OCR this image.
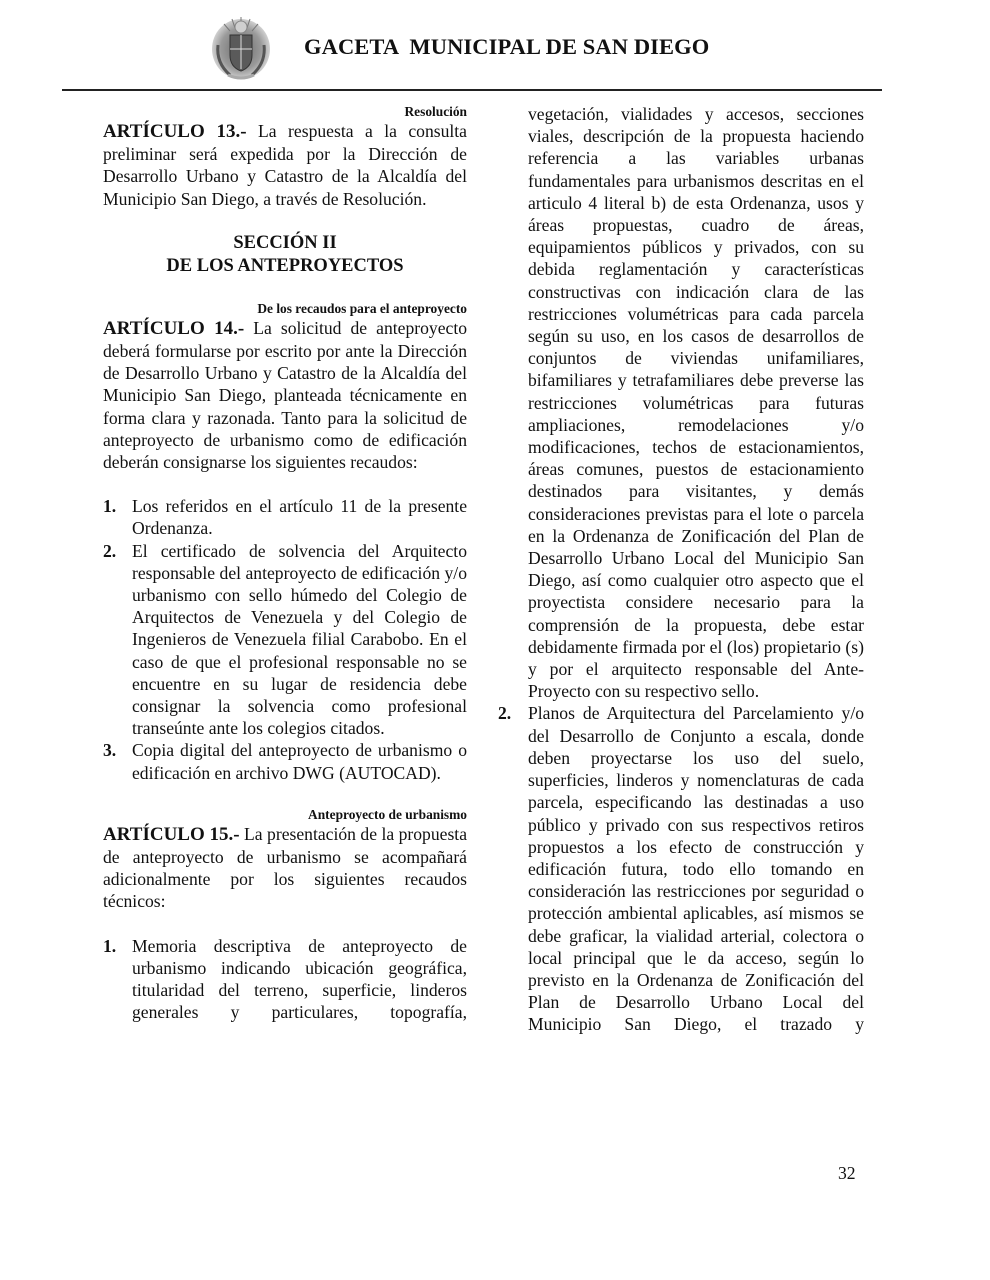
GACETA  MUNICIPAL DE SAN DIEGO
Resolución

ARTÍCULO 13.- La respuesta a la consulta preliminar será expedida por la Dirección de Desarrollo Urbano y Catastro de la Alcaldía del Municipio San Diego, a través de Resolución.

SECCIÓN II
DE LOS ANTEPROYECTOS
De los recaudos para el anteproyecto

ARTÍCULO 14.- La solicitud de anteproyecto deberá formularse por escrito por ante la Dirección de Desarrollo Urbano y Catastro de la Alcaldía del Municipio San Diego, planteada técnicamente en forma clara y razonada. Tanto para la solicitud de anteproyecto de urbanismo como de edificación deberán consignarse los siguientes recaudos:

1. Los referidos en el artículo 11 de la presente Ordenanza.
2. El certificado de solvencia del Arquitecto responsable del anteproyecto de edificación y/o urbanismo con sello húmedo del Colegio de Arquitectos de Venezuela y del Colegio de Ingenieros de Venezuela filial Carabobo. En el caso de que el profesional responsable no se encuentre en su lugar de residencia debe consignar la solvencia como profesional transeúnte ante los colegios citados.
3. Copia digital del anteproyecto de urbanismo o edificación en archivo DWG (AUTOCAD).
Anteproyecto de urbanismo

ARTÍCULO 15.- La presentación de la propuesta de anteproyecto de urbanismo se acompañará adicionalmente por los siguientes recaudos técnicos:

1. Memoria descriptiva de anteproyecto de urbanismo indicando ubicación geográfica, titularidad del terreno, superficie, linderos generales y particulares, topografía,

vegetación, vialidades y accesos, secciones viales, descripción de la propuesta haciendo referencia a las variables urbanas fundamentales para urbanismos descritas en el articulo 4 literal b) de esta Ordenanza, usos y áreas propuestas, cuadro de áreas, equipamientos públicos y privados, con su debida reglamentación y características constructivas con indicación clara de las restricciones volumétricas para cada parcela según su uso, en los casos de desarrollos de conjuntos de viviendas unifamiliares, bifamiliares y tetrafamiliares debe preverse las restricciones volumétricas para futuras ampliaciones, remodelaciones y/o modificaciones, techos de estacionamientos, áreas comunes, puestos de estacionamiento destinados para visitantes, y demás consideraciones previstas para el lote o parcela en la Ordenanza de Zonificación del Plan de Desarrollo Urbano Local del Municipio San Diego, así como cualquier otro aspecto que el proyectista considere necesario para la comprensión de la propuesta, debe estar debidamente firmada por el (los) propietario (s) y por el arquitecto responsable del Ante-Proyecto con su respectivo sello.

2. Planos de Arquitectura del Parcelamiento y/o del Desarrollo de Conjunto a escala, donde deben proyectarse los uso del suelo, superficies, linderos y nomenclaturas de cada parcela, especificando las destinadas a uso público y privado con sus respectivos retiros propuestos a los efecto de construcción y edificación futura, todo ello tomando en consideración las restricciones por seguridad o protección ambiental aplicables, así mismos se debe graficar, la vialidad arterial, colectora o local principal que le da acceso, según lo previsto en la Ordenanza de Zonificación del Plan de Desarrollo Urbano Local del Municipio San Diego, el trazado y
32
